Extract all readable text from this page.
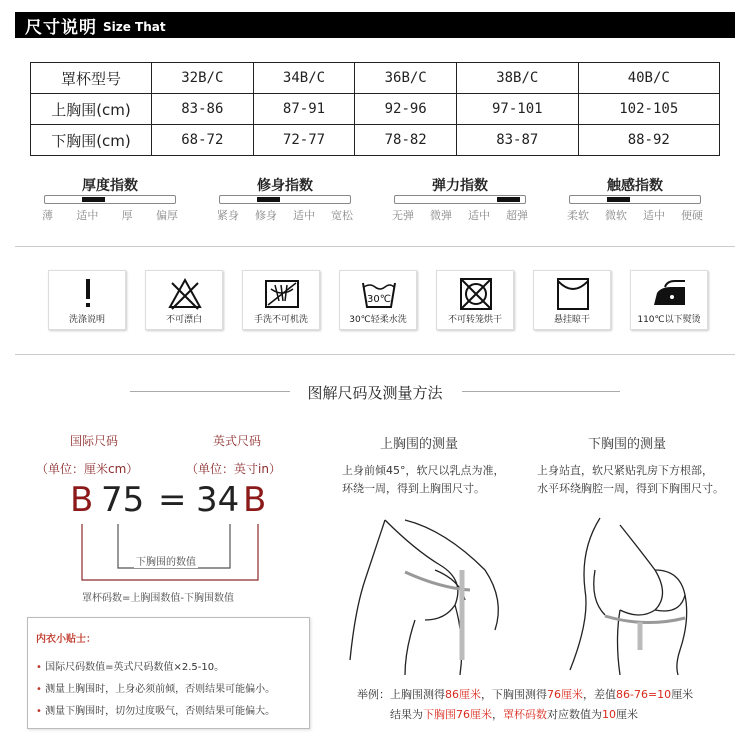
尺寸说明 Size That
罩杯型号	32B/C	34B/C	36B/C	38B/C	40B/C
上胸围(cm)	83-86	87-91	92-96	97-101	102-105
下胸围(cm)	68-72	72-77	78-82	83-87	88-92
厚度指数
薄 适中 厚 偏厚
修身指数
紧身 修身 适中 宽松
弹力指数
无弹 微弹 适中 超弹
触感指数
柔软 微软 适中 便硬
洗涤说明	不可漂白	手洗不可机洗
30℃
30℃轻柔水洗	不可转笼烘干	悬挂晾干	110℃以下熨烫
图解尺码及测量方法
国际尺码
（单位：厘米cm）
英式尺码
（单位：英寸in）
B 75 = 34 B
下胸围的数值
罩杯码数=上胸围数值-下胸围数值
内衣小贴士：
• 国际尺码数值=英式尺码数值×2.5-10。
• 测量上胸围时，上身必须前倾，否则结果可能偏小。
• 测量下胸围时，切勿过度吸气，否则结果可能偏大。
上胸围的测量
上身前倾45°，软尺以乳点为准，
环绕一周，得到上胸围尺寸。
下胸围的测量
上身站直，软尺紧贴乳房下方根部，
水平环绕胸腔一周，得到下胸围尺寸。
举例：上胸围测得86厘米，下胸围测得76厘米，差值86-76=10厘米
结果为下胸围76厘米，罩杯码数对应数值为10厘米
